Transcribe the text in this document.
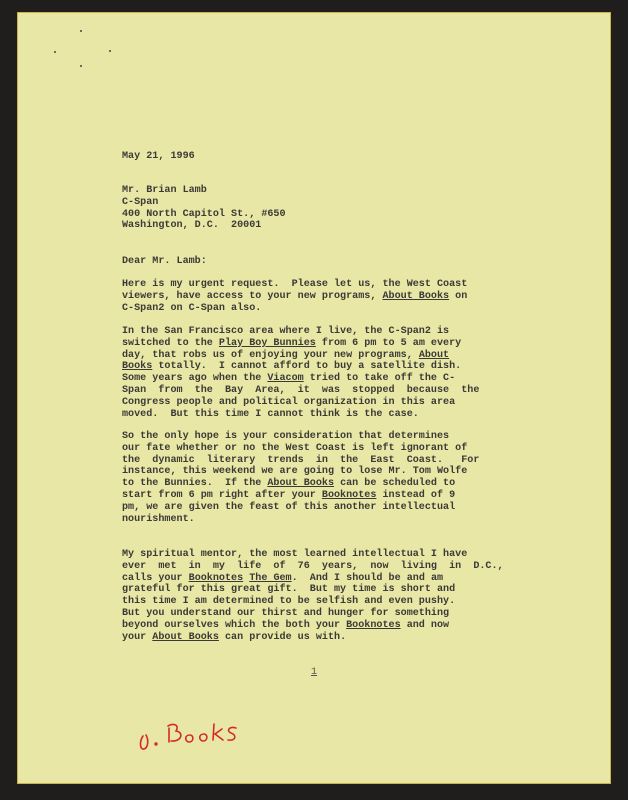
May 21, 1996
Mr. Brian Lamb
C-Span
400 North Capitol St., #650
Washington, D.C.  20001
Dear Mr. Lamb:
Here is my urgent request.  Please let us, the West Coast
viewers, have access to your new programs, About Books on
C-Span2 on C-Span also.
In the San Francisco area where I live, the C-Span2 is
switched to the Play Boy Bunnies from 6 pm to 5 am every
day, that robs us of enjoying your new programs, About
Books totally.  I cannot afford to buy a satellite dish.
Some years ago when the Viacom tried to take off the C-
Span  from  the  Bay  Area,  it  was  stopped  because  the
Congress people and political organization in this area
moved.  But this time I cannot think is the case.
So the only hope is your consideration that determines
our fate whether or no the West Coast is left ignorant of
the  dynamic  literary  trends  in  the  East  Coast.   For
instance, this weekend we are going to lose Mr. Tom Wolfe
to the Bunnies.  If the About Books can be scheduled to
start from 6 pm right after your Booknotes instead of 9
pm, we are given the feast of this another intellectual
nourishment.
My spiritual mentor, the most learned intellectual I have
ever  met  in  my  life  of  76  years,  now  living  in  D.C.,
calls your Booknotes The Gem.  And I should be and am
grateful for this great gift.  But my time is short and
this time I am determined to be selfish and even pushy.
But you understand our thirst and hunger for something
beyond ourselves which the both your Booknotes and now
your About Books can provide us with.
1
